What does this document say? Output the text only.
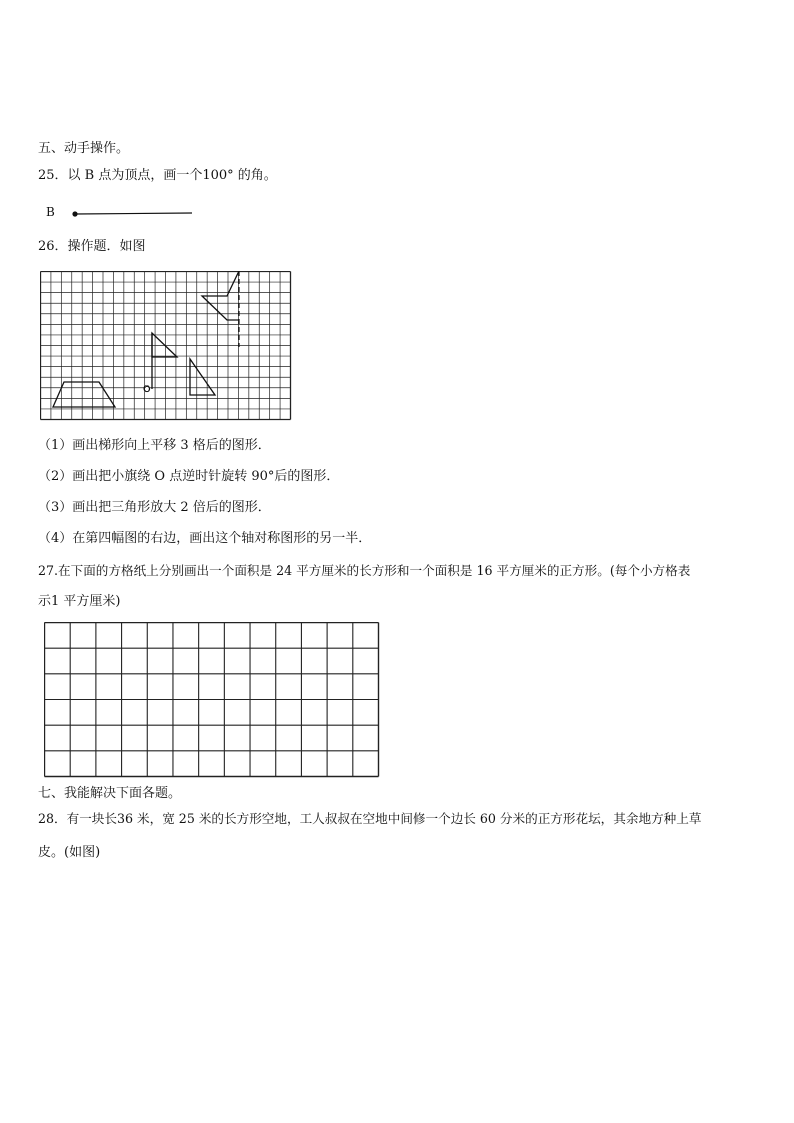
五、动手操作。
25．以 B 点为顶点，画一个100° 的角。
B
26．操作题．如图
O
（1）画出梯形向上平移 3 格后的图形．
（2）画出把小旗绕 O 点逆时针旋转 90°后的图形．
（3）画出把三角形放大 2 倍后的图形．
（4）在第四幅图的右边，画出这个轴对称图形的另一半．
27.在下面的方格纸上分别画出一个面积是 24 平方厘米的长方形和一个面积是 16 平方厘米的正方形。(每个小方格表
示1 平方厘米)
七、我能解决下面各题。
28．有一块长36 米，宽 25 米的长方形空地，工人叔叔在空地中间修一个边长 60 分米的正方形花坛，其余地方种上草
皮。(如图)
